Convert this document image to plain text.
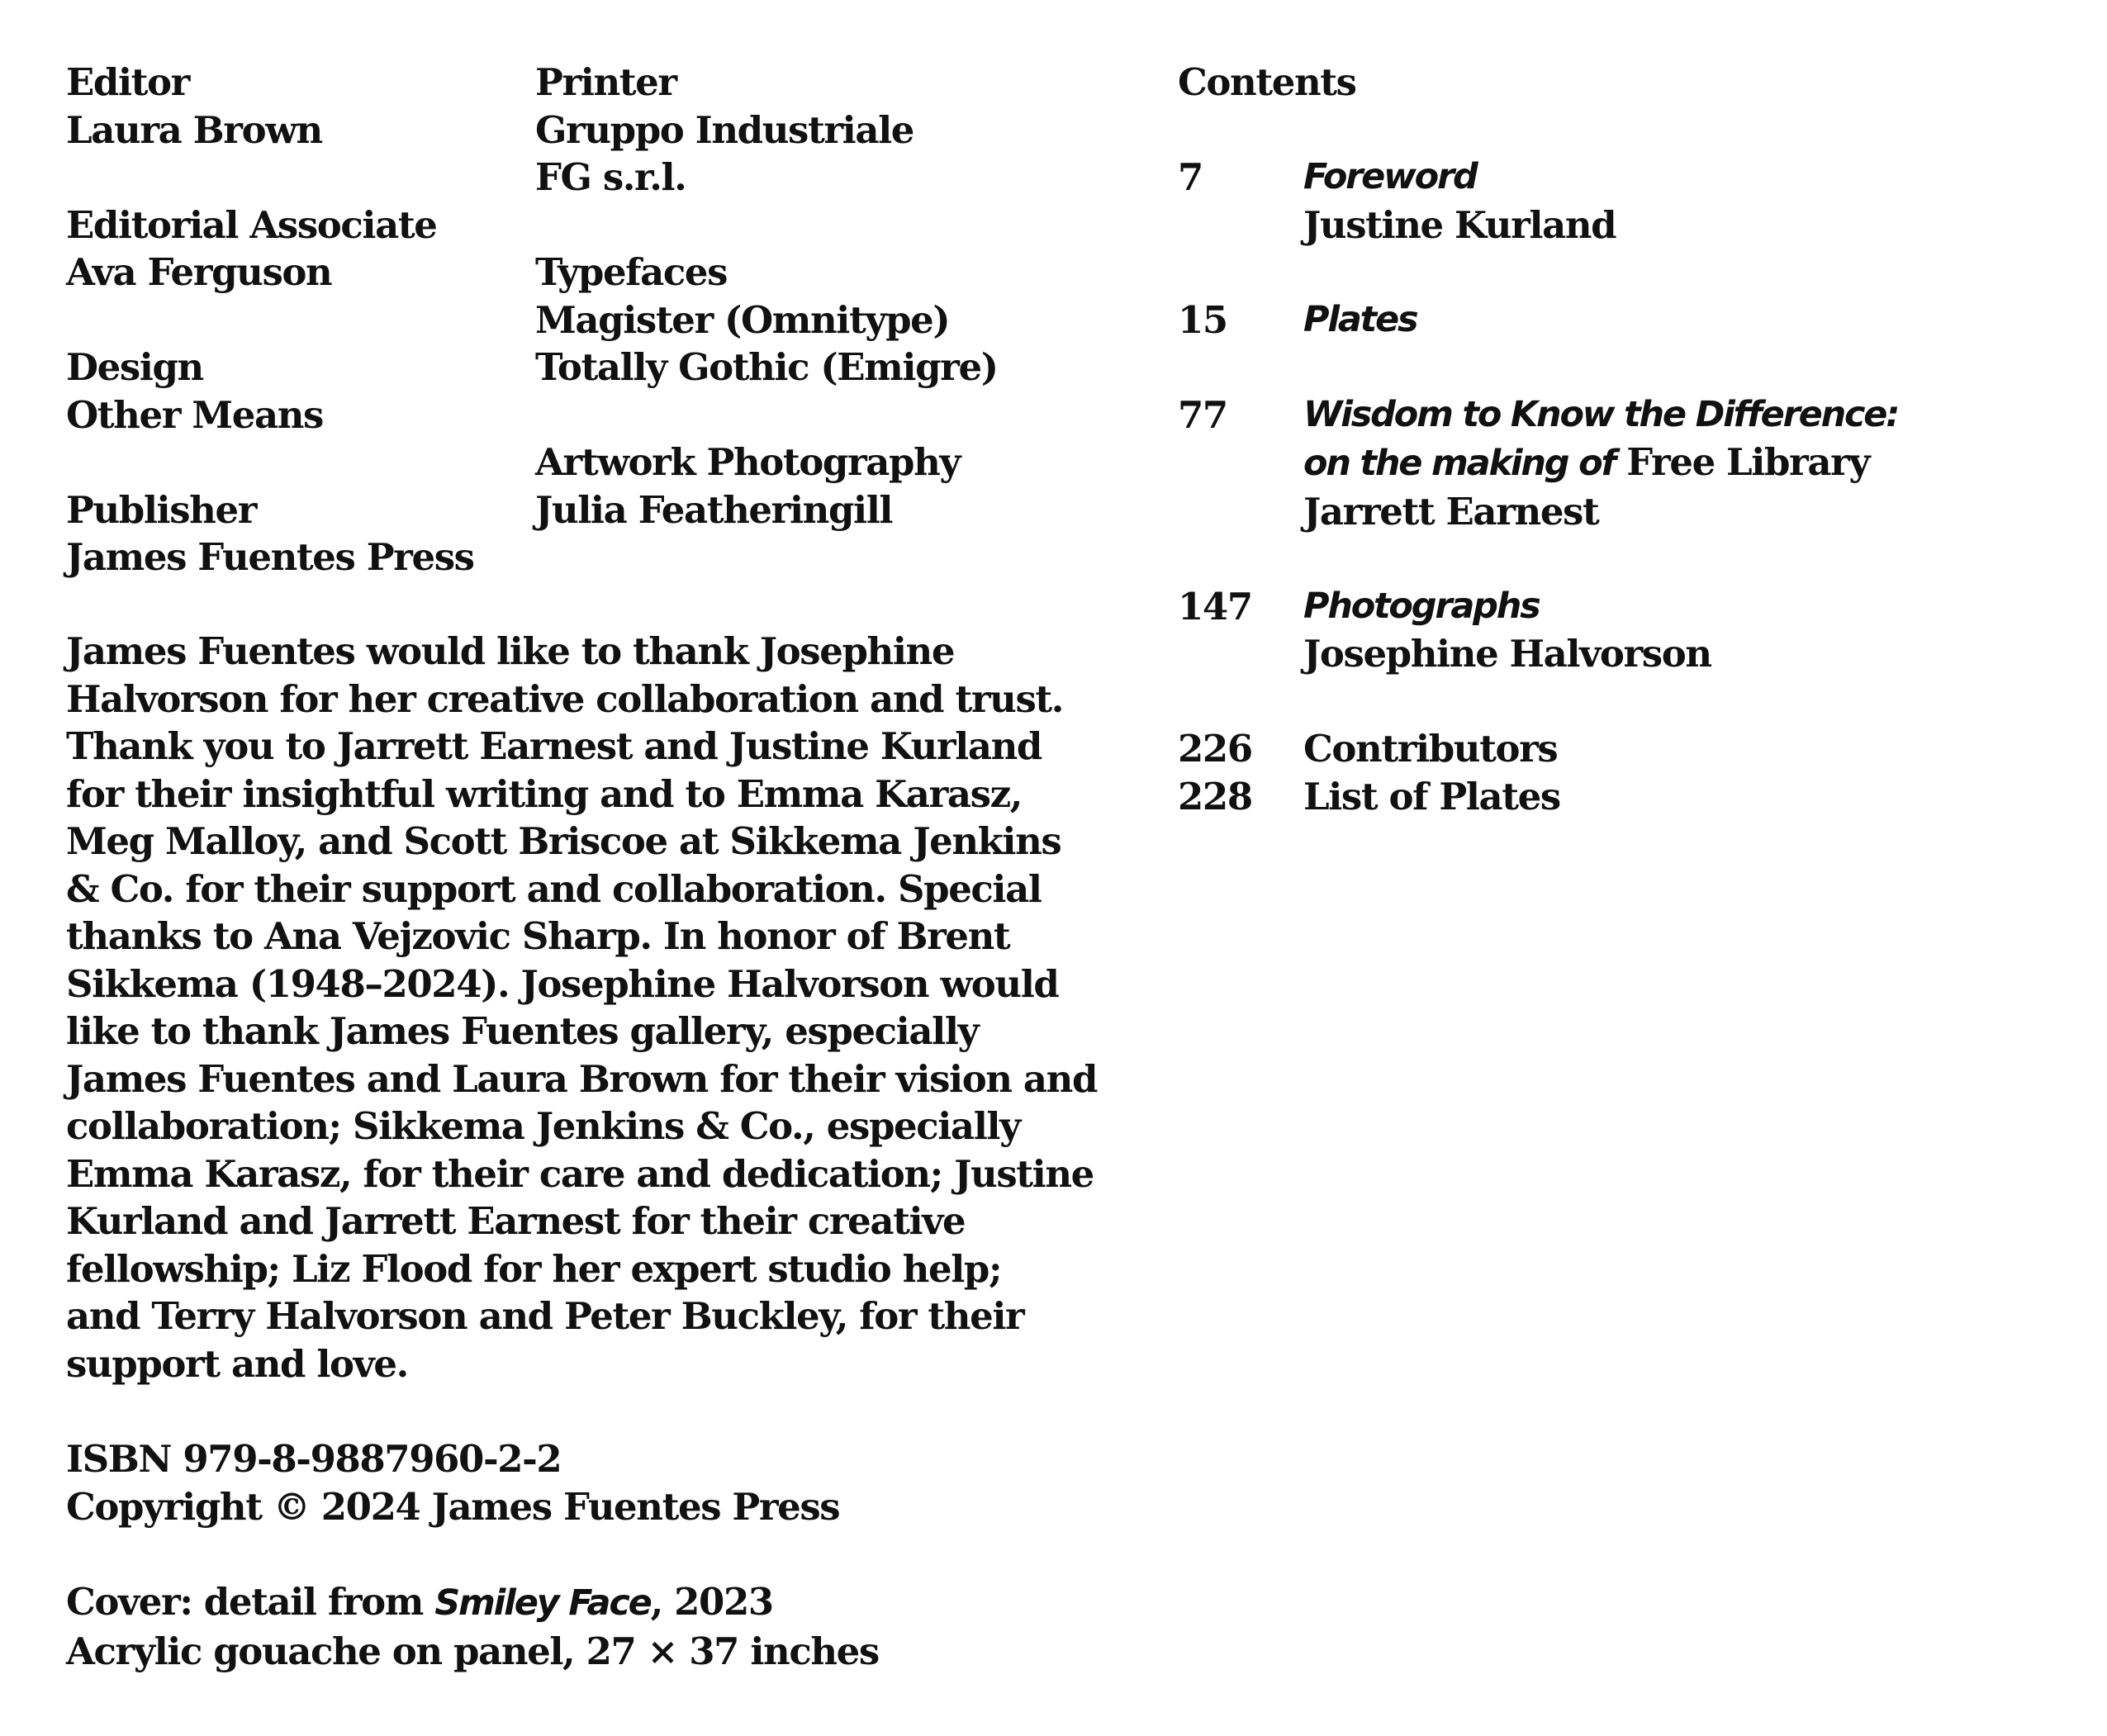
Editor
Laura Brown
Editorial Associate
Ava Ferguson
Design
Other Means
Publisher
James Fuentes Press
Printer
Gruppo Industriale
FG s.r.l.
Typefaces
Magister (Omnitype)
Totally Gothic (Emigre)
Artwork Photography
Julia Featheringill
James Fuentes would like to thank Josephine
Halvorson for her creative collaboration and trust.
Thank you to Jarrett Earnest and Justine Kurland
for their insightful writing and to Emma Karasz,
Meg Malloy, and Scott Briscoe at Sikkema Jenkins
& Co. for their support and collaboration. Special
thanks to Ana Vejzovic Sharp. In honor of Brent
Sikkema (1948–2024). Josephine Halvorson would
like to thank James Fuentes gallery, especially
James Fuentes and Laura Brown for their vision and
collaboration; Sikkema Jenkins & Co., especially
Emma Karasz, for their care and dedication; Justine
Kurland and Jarrett Earnest for their creative
fellowship; Liz Flood for her expert studio help;
and Terry Halvorson and Peter Buckley, for their
support and love.
ISBN 979-8-9887960-2-2
Copyright © 2024 James Fuentes Press
Cover: detail from Smiley Face, 2023
Acrylic gouache on panel, 27 × 37 inches
Contents
7	Foreword
Justine Kurland
15	Plates
77	Wisdom to Know the Difference:
on the making of Free Library
Jarrett Earnest
147	Photographs
Josephine Halvorson
226	Contributors
228	List of Plates
